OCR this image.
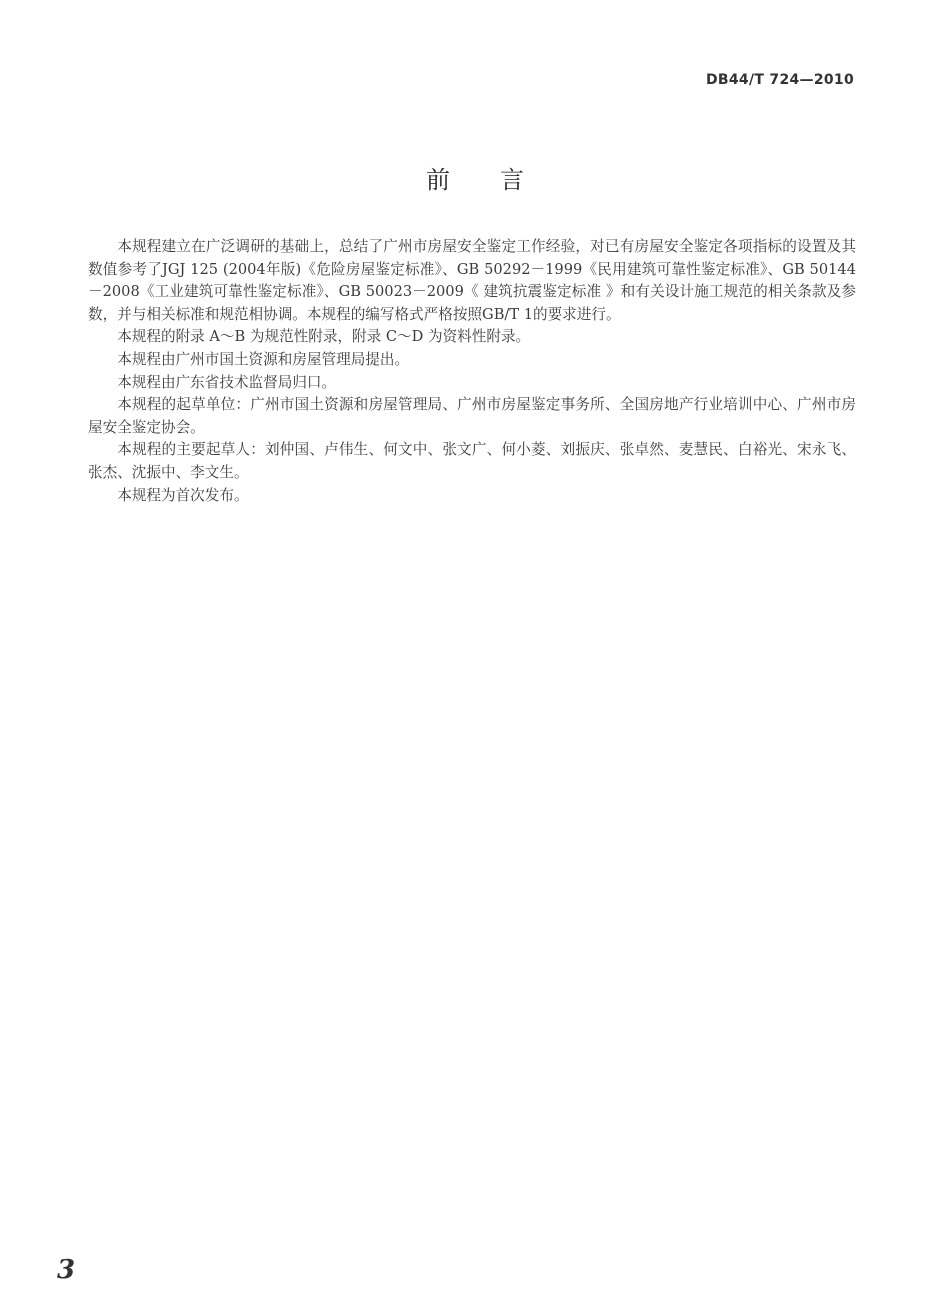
DB44/T 724—2010
前言

本规程建立在广泛调研的基础上，总结了广州市房屋安全鉴定工作经验，对已有房屋安全鉴定各项指标的设置及其数值参考了JGJ 125 (2004年版)《危险房屋鉴定标准》、GB 50292－1999《民用建筑可靠性鉴定标准》、GB 50144－2008《工业建筑可靠性鉴定标准》、GB 50023－2009《 建筑抗震鉴定标准 》和有关设计施工规范的相关条款及参数，并与相关标准和规范相协调。本规程的编写格式严格按照GB/T 1的要求进行。

本规程的附录 A～B 为规范性附录，附录 C～D 为资料性附录。

本规程由广州市国土资源和房屋管理局提出。

本规程由广东省技术监督局归口。

本规程的起草单位：广州市国土资源和房屋管理局、广州市房屋鉴定事务所、全国房地产行业培训中心、广州市房屋安全鉴定协会。

本规程的主要起草人：刘仲国、卢伟生、何文中、张文广、何小菱、刘振庆、张卓然、麦慧民、白裕光、宋永飞、张杰、沈振中、李文生。

本规程为首次发布。

3
